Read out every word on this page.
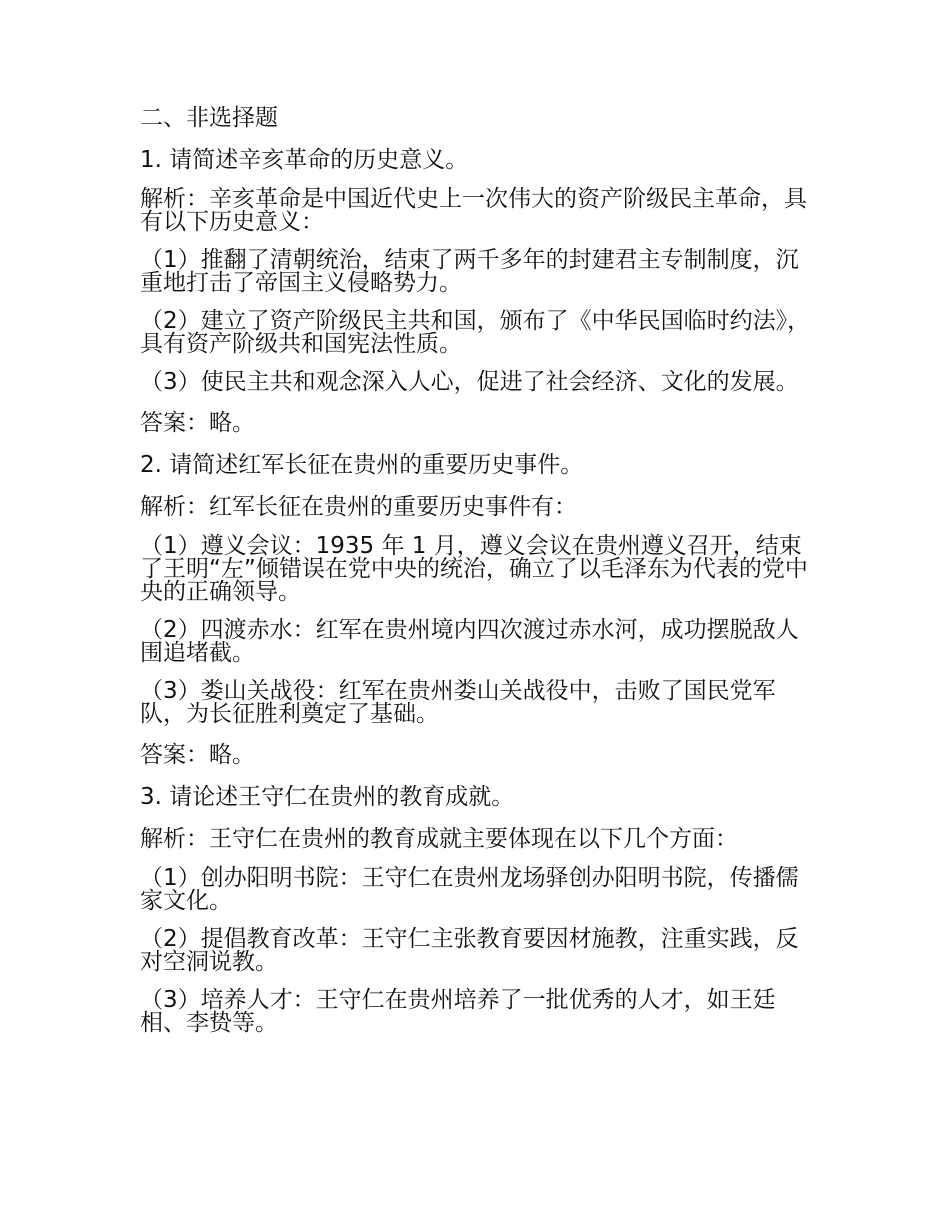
二、非选择题

1. 请简述辛亥革命的历史意义。

解析：辛亥革命是中国近代史上一次伟大的资产阶级民主革命，具有以下历史意义：

（1）推翻了清朝统治，结束了两千多年的封建君主专制制度，沉重地打击了帝国主义侵略势力。

（2）建立了资产阶级民主共和国，颁布了《中华民国临时约法》，具有资产阶级共和国宪法性质。

（3）使民主共和观念深入人心，促进了社会经济、文化的发展。

答案：略。

2. 请简述红军长征在贵州的重要历史事件。

解析：红军长征在贵州的重要历史事件有：

（1）遵义会议：1935 年 1 月，遵义会议在贵州遵义召开，结束了王明“左”倾错误在党中央的统治，确立了以毛泽东为代表的党中央的正确领导。

（2）四渡赤水：红军在贵州境内四次渡过赤水河，成功摆脱敌人围追堵截。

（3）娄山关战役：红军在贵州娄山关战役中，击败了国民党军队，为长征胜利奠定了基础。

答案：略。

3. 请论述王守仁在贵州的教育成就。

解析：王守仁在贵州的教育成就主要体现在以下几个方面：

（1）创办阳明书院：王守仁在贵州龙场驿创办阳明书院，传播儒家文化。

（2）提倡教育改革：王守仁主张教育要因材施教，注重实践，反对空洞说教。

（3）培养人才：王守仁在贵州培养了一批优秀的人才，如王廷相、李贽等。
